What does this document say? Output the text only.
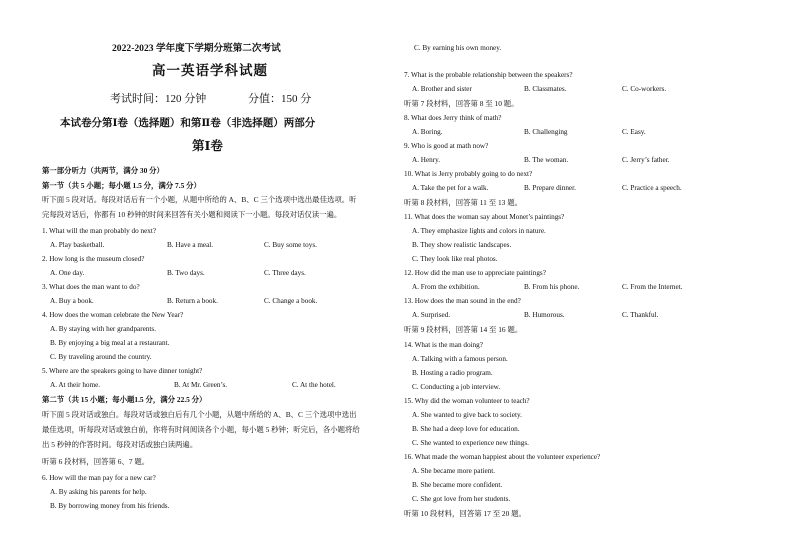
2022-2023 学年度下学期分班第二次考试
高一英语学科试题
考试时间：120 分钟	分值：150 分
本试卷分第Ⅰ卷（选择题）和第Ⅱ卷（非选择题）两部分
第Ⅰ卷
第一部分听力（共两节，满分 30 分）
第一节（共 5 小题；每小题 1.5 分，满分 7.5 分）
听下面 5 段对话。每段对话后有一个小题，从题中所给的 A、B、C 三个选项中选出最佳选项。听
完每段对话后，你都有 10 秒钟的时间来回答有关小题和阅读下一小题。每段对话仅读一遍。
1. What will the man probably do next?
A. Play basketball.	B. Have a meal.	C. Buy some toys.
2. How long is the museum closed?
A. One day.	B. Two days.	C. Three days.
3. What does the man want to do?
A. Buy a book.	B. Return a book.	C. Change a book.
4. How does the woman celebrate the New Year?
A. By staying with her grandparents.
B. By enjoying a big meal at a restaurant.
C. By traveling around the country.
5. Where are the speakers going to have dinner tonight?
A. At their home.	B. At Mr. Green’s.	C. At the hotel.
第二节（共 15 小题；每小题1.5 分，满分 22.5 分）
听下面 5 段对话或独白。每段对话或独白后有几个小题，从题中所给的 A、B、C 三个选项中选出
最佳选项，听每段对话或独白前，你将有时间阅读各个小题，每小题 5 秒钟；听完后，各小题将给
出 5 秒钟的作答时间。每段对话或独白读两遍。
听第 6 段材料，回答第 6、7 题。
6. How will the man pay for a new car?
A. By asking his parents for help.
B. By borrowing money from his friends.
C. By earning his own money.
7. What is the probable relationship between the speakers?
A. Brother and sister	B. Classmates.	C. Co-workers.
听第 7 段材料，回答第 8 至 10 题。
8. What does Jerry think of math?
A. Boring.	B. Challenging	C. Easy.
9. Who is good at math now?
A. Henry.	B. The woman.	C. Jerry’s father.
10. What is Jerry probably going to do next?
A. Take the pet for a walk.	B. Prepare dinner.	C. Practice a speech.
听第 8 段材料，回答第 11 至 13 题。
11. What does the woman say about Monet’s paintings?
A. They emphasize lights and colors in nature.
B. They show realistic landscapes.
C. They look like real photos.
12. How did the man use to appreciate paintings?
A. From the exhibition.	B. From his phone.	C. From the Internet.
13. How does the man sound in the end?
A. Surprised.	B. Humorous.	C. Thankful.
听第 9 段材料，回答第 14 至 16 题。
14. What is the man doing?
A. Talking with a famous person.
B. Hosting a radio program.
C. Conducting a job interview.
15. Why did the woman volunteer to teach?
A. She wanted to give back to society.
B. She had a deep love for education.
C. She wanted to experience new things.
16. What made the woman happiest about the volunteer experience?
A. She became more patient.
B. She became more confident.
C. She got love from her students.
听第 10 段材料，回答第 17 至 20 题。
